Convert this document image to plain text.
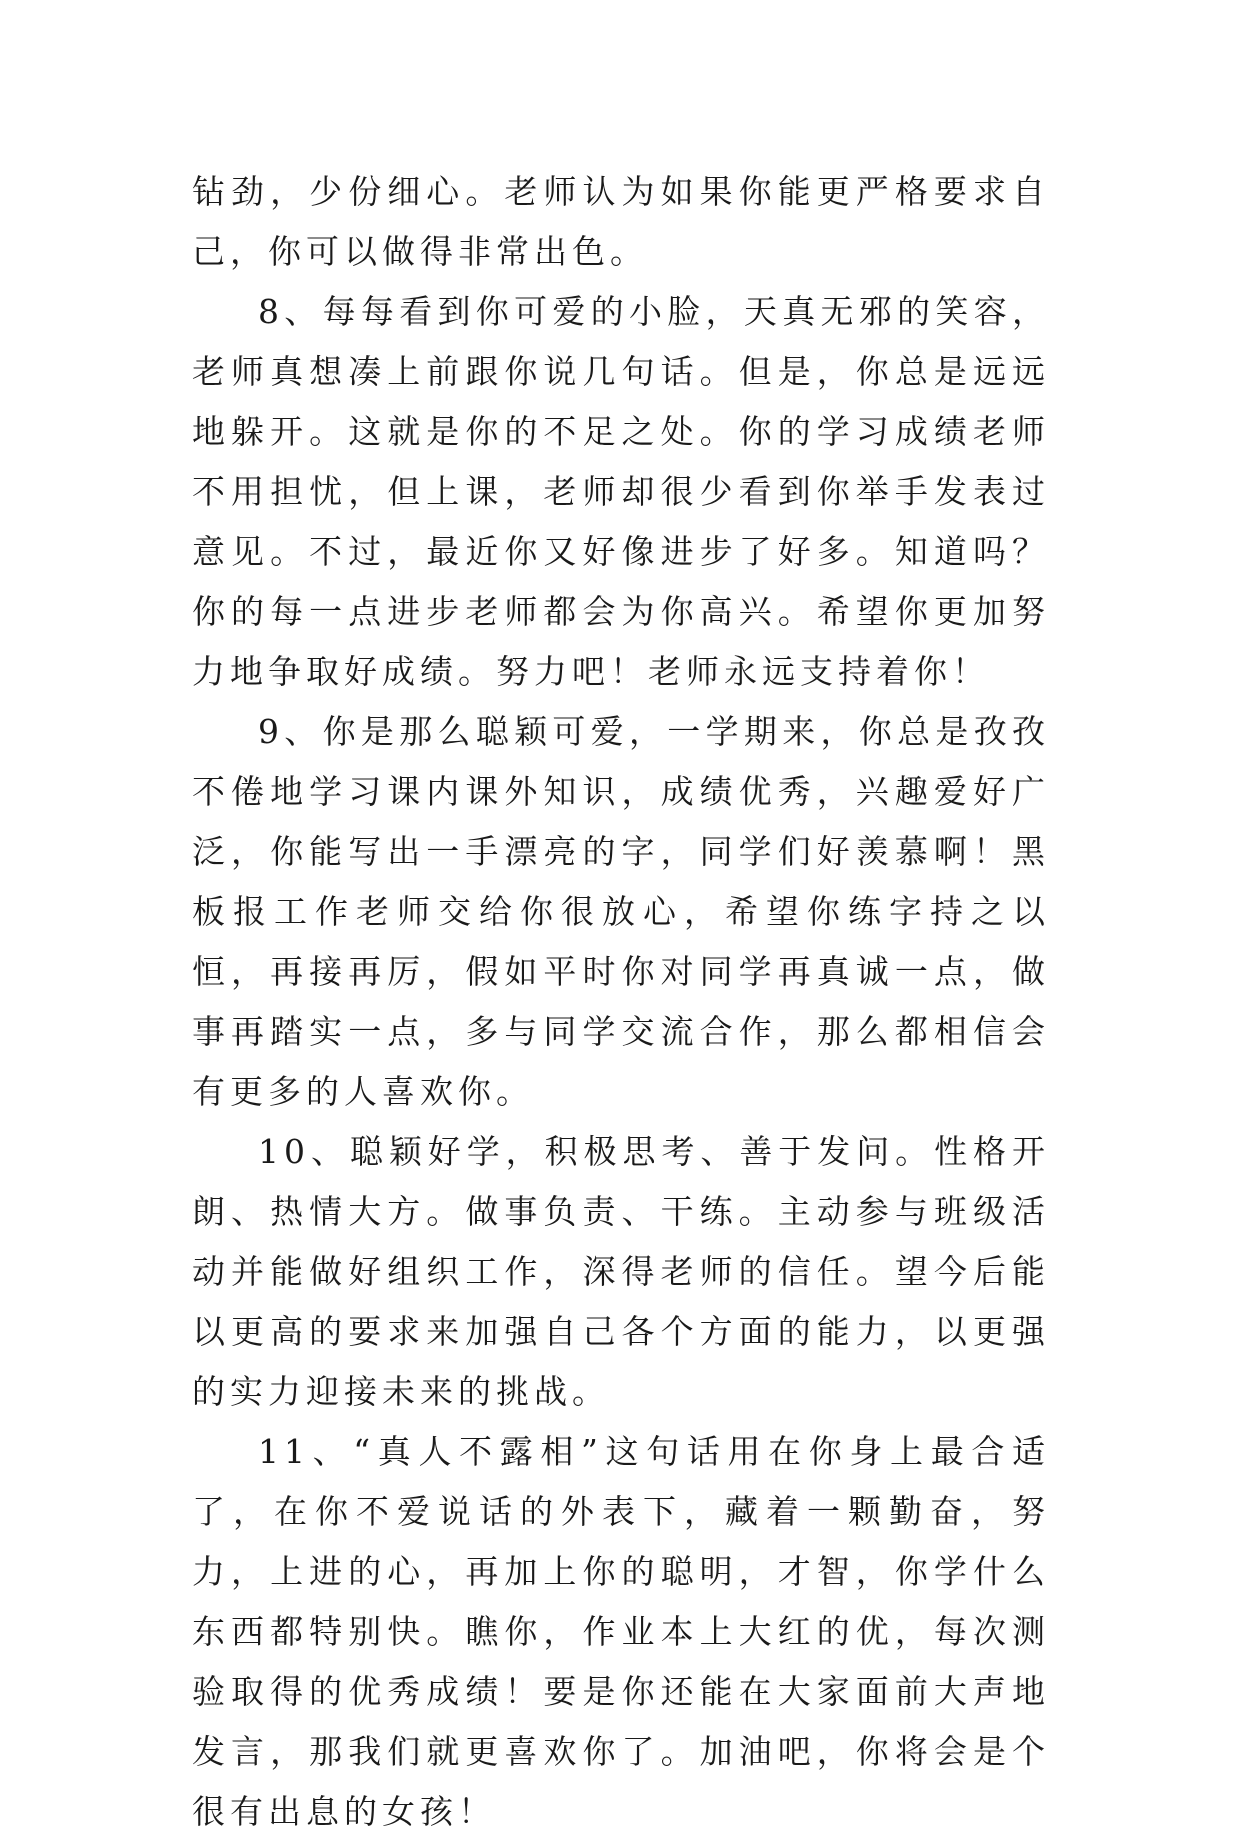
钻劲，少份细心。老师认为如果你能更严格要求自己，你可以做得非常出色。

8、每每看到你可爱的小脸，天真无邪的笑容，老师真想凑上前跟你说几句话。但是，你总是远远地躲开。这就是你的不足之处。你的学习成绩老师不用担忧，但上课，老师却很少看到你举手发表过意见。不过，最近你又好像进步了好多。知道吗？你的每一点进步老师都会为你高兴。希望你更加努力地争取好成绩。努力吧！老师永远支持着你！

9、你是那么聪颖可爱，一学期来，你总是孜孜不倦地学习课内课外知识，成绩优秀，兴趣爱好广泛，你能写出一手漂亮的字，同学们好羡慕啊！黑板报工作老师交给你很放心，希望你练字持之以恒，再接再厉，假如平时你对同学再真诚一点，做事再踏实一点，多与同学交流合作，那么都相信会有更多的人喜欢你。

10、聪颖好学，积极思考、善于发问。性格开朗、热情大方。做事负责、干练。主动参与班级活动并能做好组织工作，深得老师的信任。望今后能以更高的要求来加强自己各个方面的能力，以更强的实力迎接未来的挑战。

11、“真人不露相”这句话用在你身上最合适了，在你不爱说话的外表下，藏着一颗勤奋，努力，上进的心，再加上你的聪明，才智，你学什么东西都特别快。瞧你，作业本上大红的优，每次测验取得的优秀成绩！要是你还能在大家面前大声地发言，那我们就更喜欢你了。加油吧，你将会是个很有出息的女孩！
